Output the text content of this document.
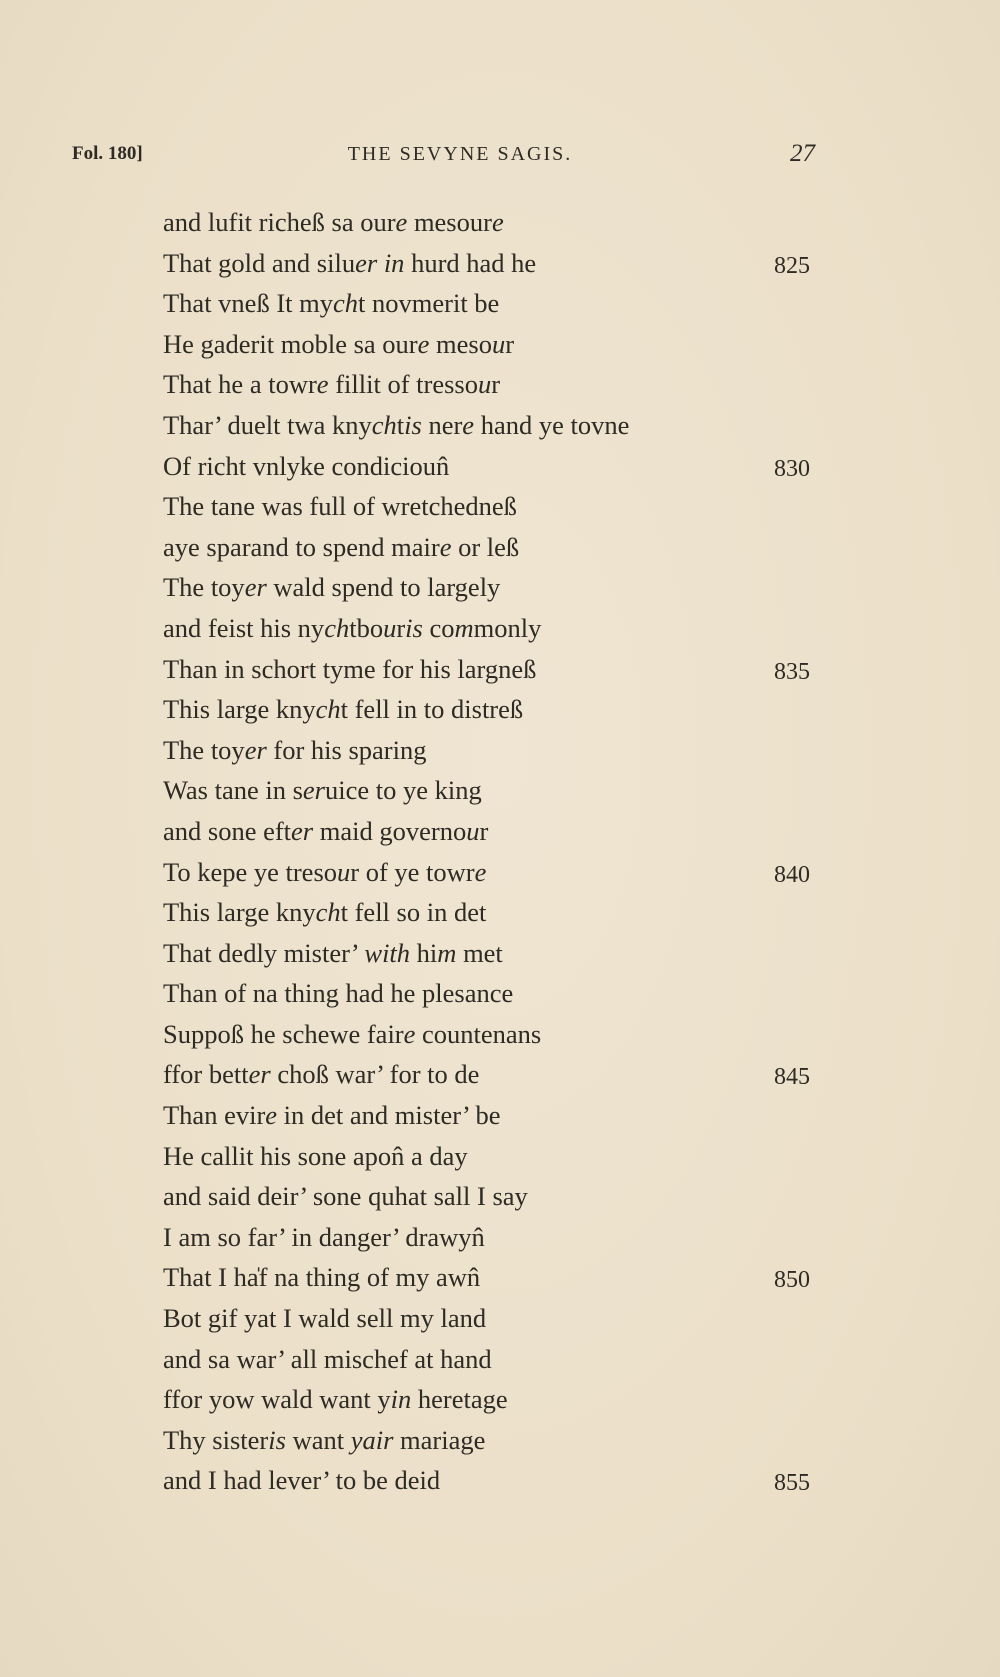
Fol. 180]	THE SEVYNE SAGIS.	27
and lufit richeß sa oure mesoure
That gold and siluer in hurd had he	825
That vneß It mycht novmerit be
He gaderit moble sa oure mesour
That he a towre fillit of tressour
Thar’ duelt twa knychtis nere hand ye tovne
Of richt vnlyke condicioun̂	830
The tane was full of wretchedneß
aye sparand to spend maire or leß
The toyer wald spend to largely
and feist his nychtbouris commonly
Than in schort tyme for his largneß	835
This large knycht fell in to distreß
The toyer for his sparing
Was tane in seruice to ye king
and sone efter maid governour
To kepe ye tresour of ye towre	840
This large knycht fell so in det
That dedly mister’ with him met
Than of na thing had he plesance
Suppoß he schewe faire countenans
ffor better choß war’ for to de	845
Than evire in det and mister’ be
He callit his sone apon̂ a day
and said deir’ sone quhat sall I say
I am so far’ in danger’ drawyn̂
That I ha̍f na thing of my awn̂	850
Bot gif yat I wald sell my land
and sa war’ all mischef at hand
ffor yow wald want yin heretage
Thy sisteris want yair mariage
and I had lever’ to be deid	855
